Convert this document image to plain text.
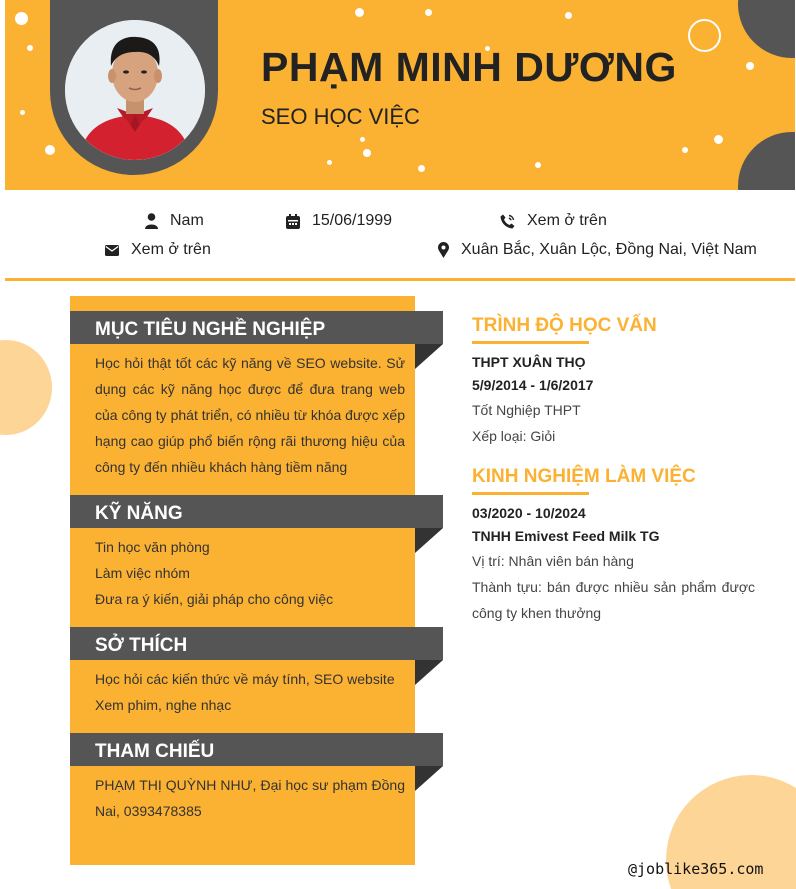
PHẠM MINH DƯƠNG
SEO HỌC VIỆC
Nam	15/06/1999	Xem ở trên
Xem ở trên	Xuân Bắc, Xuân Lộc, Đồng Nai, Việt Nam
MỤC TIÊU NGHỀ NGHIỆP
Học hỏi thật tốt các kỹ năng về SEO website. Sử dụng các kỹ năng học được để đưa trang web của công ty phát triển, có nhiều từ khóa được xếp hạng cao giúp phổ biến rộng rãi thương hiệu của công ty đến nhiều khách hàng tiềm năng
KỸ NĂNG

Tin học văn phòng

Làm việc nhóm

Đưa ra ý kiến, giải pháp cho công việc

SỞ THÍCH

Học hỏi các kiến thức về máy tính, SEO website

Xem phim, nghe nhạc

THAM CHIẾU
PHẠM THỊ QUỲNH NHƯ, Đại học sư phạm Đồng Nai, 0393478385
TRÌNH ĐỘ HỌC VẤN
THPT XUÂN THỌ
5/9/2014 - 1/6/2017
Tốt Nghiệp THPT
Xếp loại: Giỏi
KINH NGHIỆM LÀM VIỆC
03/2020 - 10/2024
TNHH Emivest Feed Milk TG
Vị trí: Nhân viên bán hàng
Thành tựu: bán được nhiều sản phẩm được công ty khen thưởng
@joblike365.com
